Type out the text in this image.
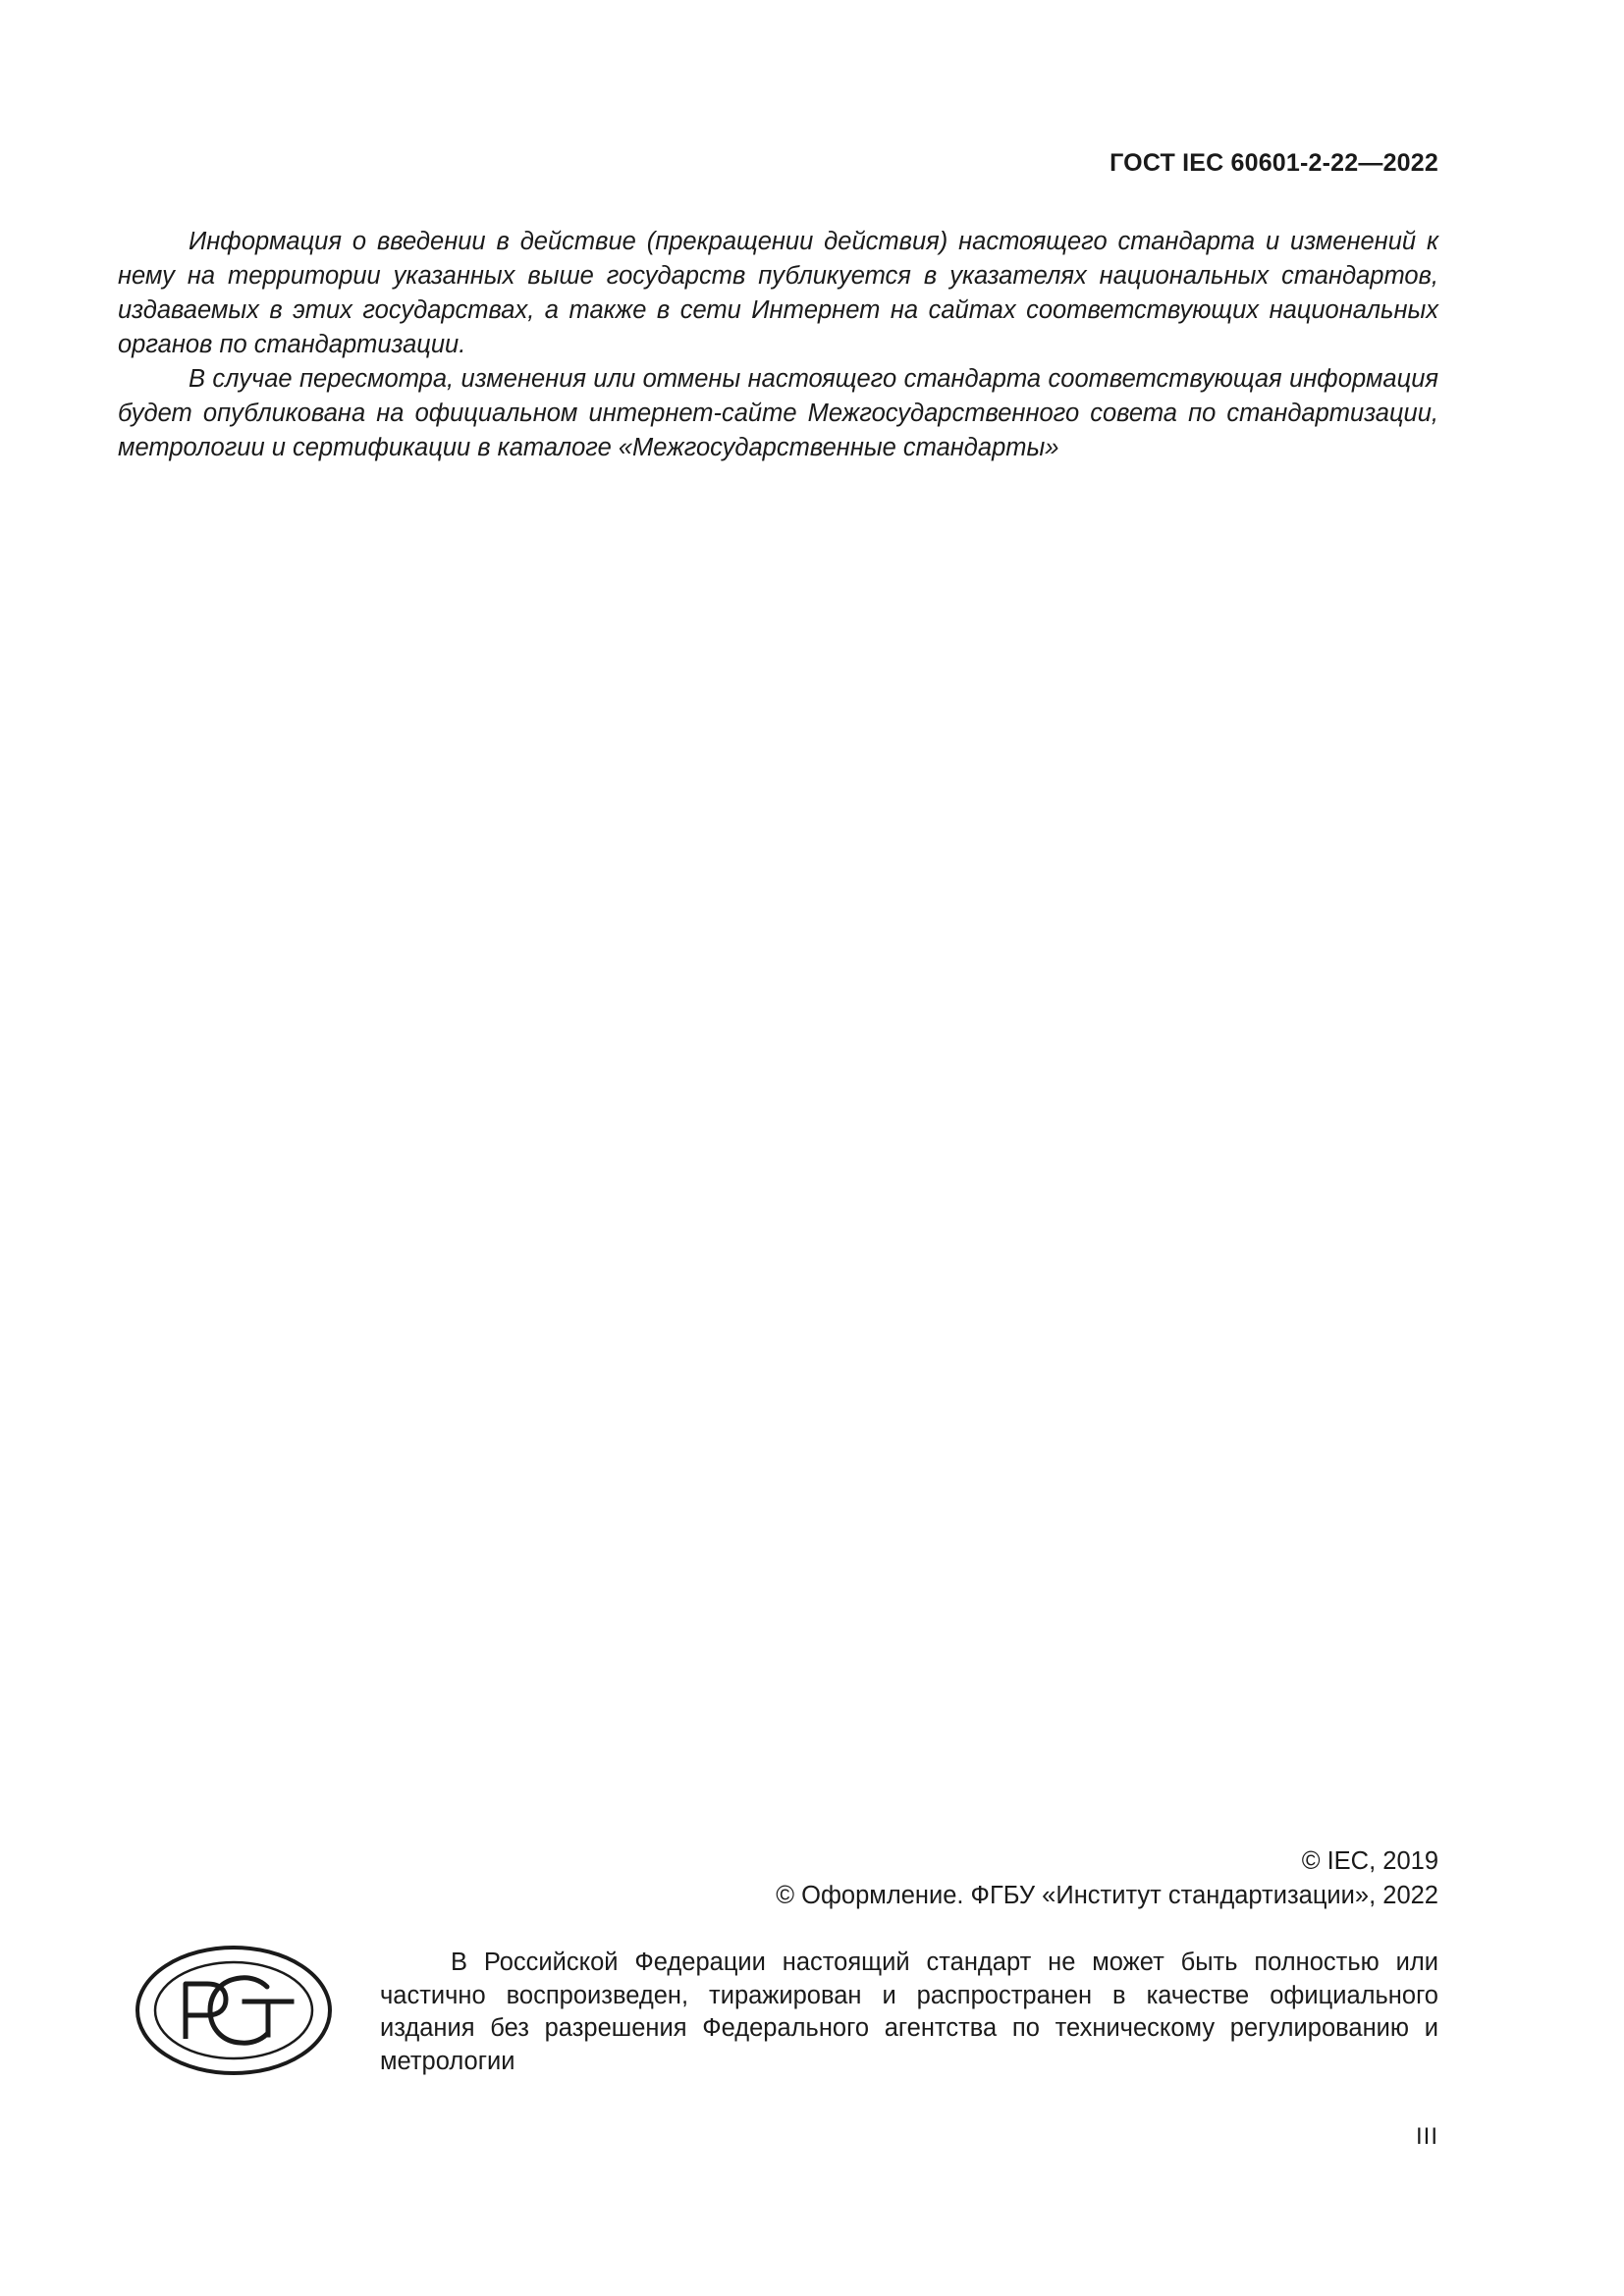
ГОСТ IEC 60601-2-22—2022

Информация о введении в действие (прекращении действия) настоящего стандарта и изменений к нему на территории указанных выше государств публикуется в указателях национальных стандартов, издаваемых в этих государствах, а также в сети Интернет на сайтах соответствующих национальных органов по стандартизации.

В случае пересмотра, изменения или отмены настоящего стандарта соответствующая информация будет опубликована на официальном интернет-сайте Межгосударственного совета по стандартизации, метрологии и сертификации в каталоге «Межгосударственные стандарты»

© IEC, 2019
© Оформление. ФГБУ «Институт стандартизации», 2022

В Российской Федерации настоящий стандарт не может быть полностью или частично воспроизведен, тиражирован и распространен в качестве официального издания без разрешения Федерального агентства по техническому регулированию и метрологии

III
